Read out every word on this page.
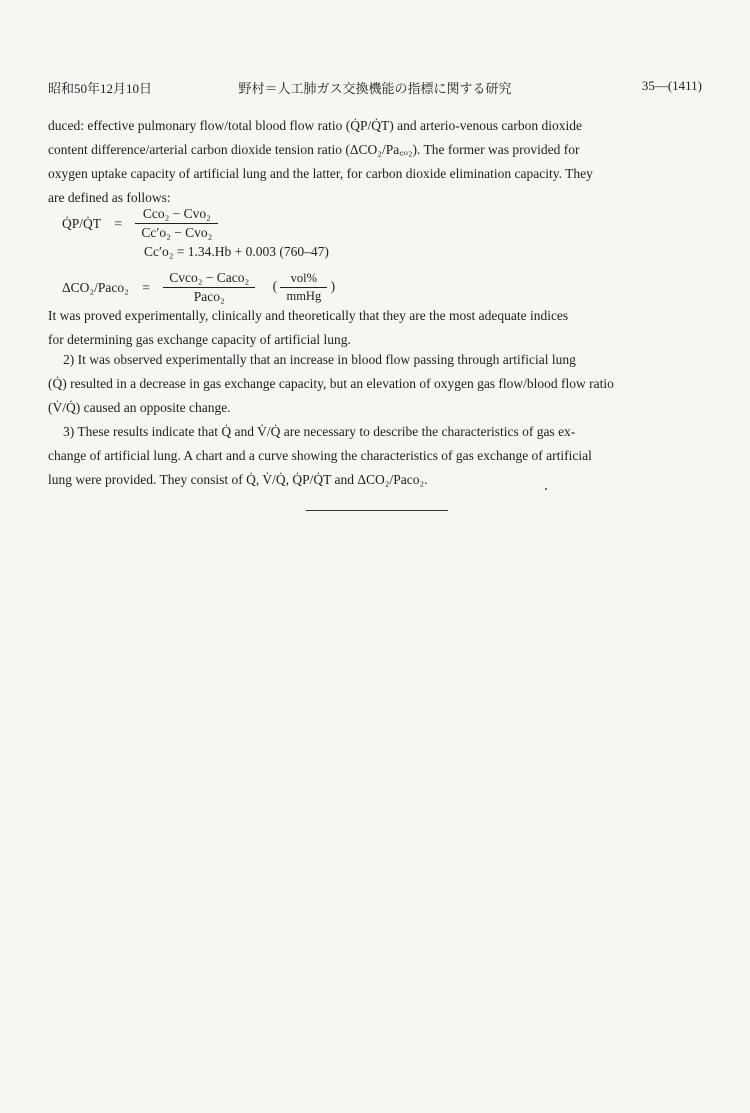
昭和50年12月10日	野村＝人工肺ガス交換機能の指標に関する研究	35—(1411)

duced: effective pulmonary flow/total blood flow ratio (Q̇P/Q̇T) and arterio-venous carbon dioxide

content difference/arterial carbon dioxide tension ratio (ΔCO₂/Pa꜀ₒ₂). The former was provided for

oxygen uptake capacity of artificial lung and the latter, for carbon dioxide elimination capacity. They

are defined as follows:

Q̇P/Q̇T = $\frac{\text{Cco₂ − Cvo₂}}{\text{Cc′o₂ − Cvo₂}}$
Cc′o₂ = 1.34.Hb + 0.003 (760–47)
ΔCO₂/Paco₂ = $\frac{\text{Cvco₂ − Caco₂}}{\text{Paco₂}}$ ( $\frac{\text{vol\%}}{\text{mmHg}}$ )

It was proved experimentally, clinically and theoretically that they are the most adequate indices

for determining gas exchange capacity of artificial lung.

2) It was observed experimentally that an increase in blood flow passing through artificial lung

(Q̇) resulted in a decrease in gas exchange capacity, but an elevation of oxygen gas flow/blood flow ratio

(V̇/Q̇) caused an opposite change.

3) These results indicate that Q̇ and V̇/Q̇ are necessary to describe the characteristics of gas ex-

change of artificial lung. A chart and a curve showing the characteristics of gas exchange of artificial

lung were provided. They consist of Q̇, V̇/Q̇, Q̇P/Q̇T and ΔCO₂/Paco₂.
